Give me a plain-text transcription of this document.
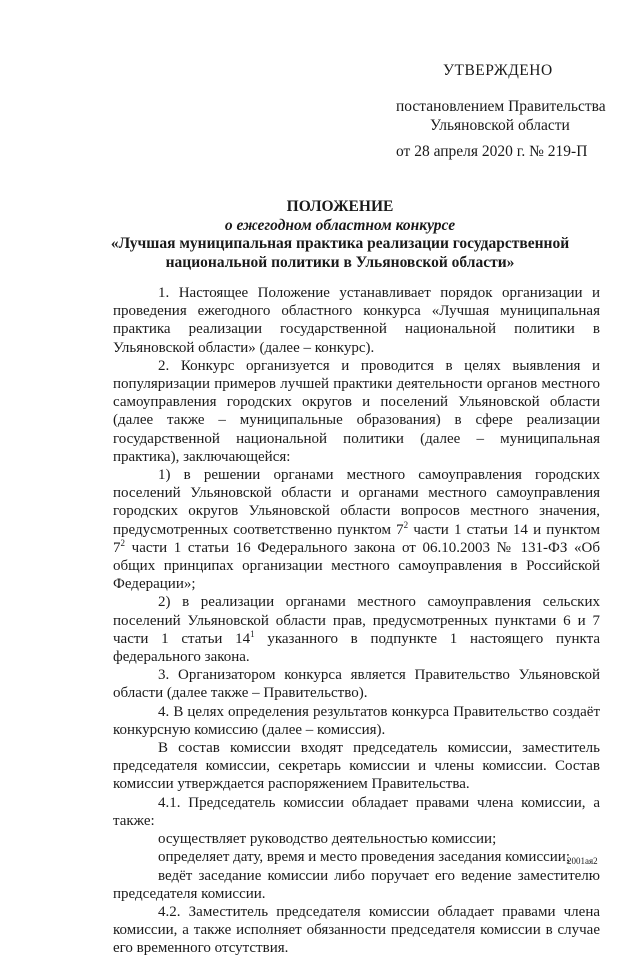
УТВЕРЖДЕНО
постановлением Правительства
Ульяновской области
от 28 апреля 2020 г. № 219-П
ПОЛОЖЕНИЕ
о ежегодном областном конкурсе
«Лучшая муниципальная практика реализации государственной
национальной политики в Ульяновской области»

1. Настоящее Положение устанавливает порядок организации и проведения ежегодного областного конкурса «Лучшая муниципальная практика реализации государственной национальной политики в Ульяновской области» (далее – конкурс).

2. Конкурс организуется и проводится в целях выявления и популяризации примеров лучшей практики деятельности органов местного самоуправления городских округов и поселений Ульяновской области (далее также – муниципальные образования) в сфере реализации государственной национальной политики (далее – муниципальная практика), заключающейся:

1) в решении органами местного самоуправления городских поселений Ульяновской области и органами местного самоуправления городских округов Ульяновской области вопросов местного значения, предусмотренных соответственно пунктом $7^2$ части 1 статьи 14 и пунктом $7^2$ части 1 статьи 16 Федерального закона от 06.10.2003 № 131-ФЗ «Об общих принципах организации местного самоуправления в Российской Федерации»;

2) в реализации органами местного самоуправления сельских поселений Ульяновской области прав, предусмотренных пунктами 6 и 7 части 1 статьи $14^1$ указанного в подпункте 1 настоящего пункта федерального закона.

3. Организатором конкурса является Правительство Ульяновской области (далее также – Правительство).

4. В целях определения результатов конкурса Правительство создаёт конкурсную комиссию (далее – комиссия).

В состав комиссии входят председатель комиссии, заместитель председателя комиссии, секретарь комиссии и члены комиссии. Состав комиссии утверждается распоряжением Правительства.

4.1. Председатель комиссии обладает правами члена комиссии, а также:

осуществляет руководство деятельностью комиссии;

определяет дату, время и место проведения заседания комиссии;

ведёт заседание комиссии либо поручает его ведение заместителю председателя комиссии.

4.2. Заместитель председателя комиссии обладает правами члена комиссии, а также исполняет обязанности председателя комиссии в случае его временного отсутствия.

2001ая2
